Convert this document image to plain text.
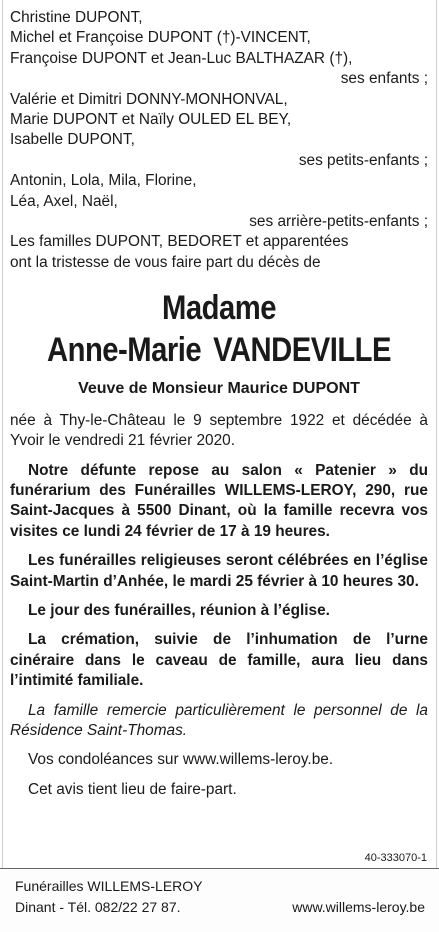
Christine DUPONT,
Michel et Françoise DUPONT (†)-VINCENT,
Françoise DUPONT et Jean-Luc BALTHAZAR (†),
ses enfants ;
Valérie et Dimitri DONNY-MONHONVAL,
Marie DUPONT et Naïly OULED EL BEY,
Isabelle DUPONT,
ses petits-enfants ;
Antonin, Lola, Mila, Florine,
Léa, Axel, Naël,
ses arrière-petits-enfants ;
Les familles DUPONT, BEDORET et apparentées
ont la tristesse de vous faire part du décès de
Madame
Anne-Marie VANDEVILLE
Veuve de Monsieur Maurice DUPONT

née à Thy-le-Château le 9 septembre 1922 et décédée à Yvoir le vendredi 21 février 2020.

Notre défunte repose au salon « Patenier » du funérarium des Funérailles WILLEMS-LEROY, 290, rue Saint-Jacques à 5500 Dinant, où la famille recevra vos visites ce lundi 24 février de 17 à 19 heures.

Les funérailles religieuses seront célébrées en l’église Saint-Martin d’Anhée, le mardi 25 février à 10 heures 30.

Le jour des funérailles, réunion à l’église.

La crémation, suivie de l’inhumation de l’urne cinéraire dans le caveau de famille, aura lieu dans l’intimité familiale.

La famille remercie particulièrement le personnel de la Résidence Saint-Thomas.

Vos condoléances sur www.willems-leroy.be.

Cet avis tient lieu de faire-part.

40-333070-1
Funérailles WILLEMS-LEROY
Dinant - Tél. 082/22 27 87.	www.willems-leroy.be
